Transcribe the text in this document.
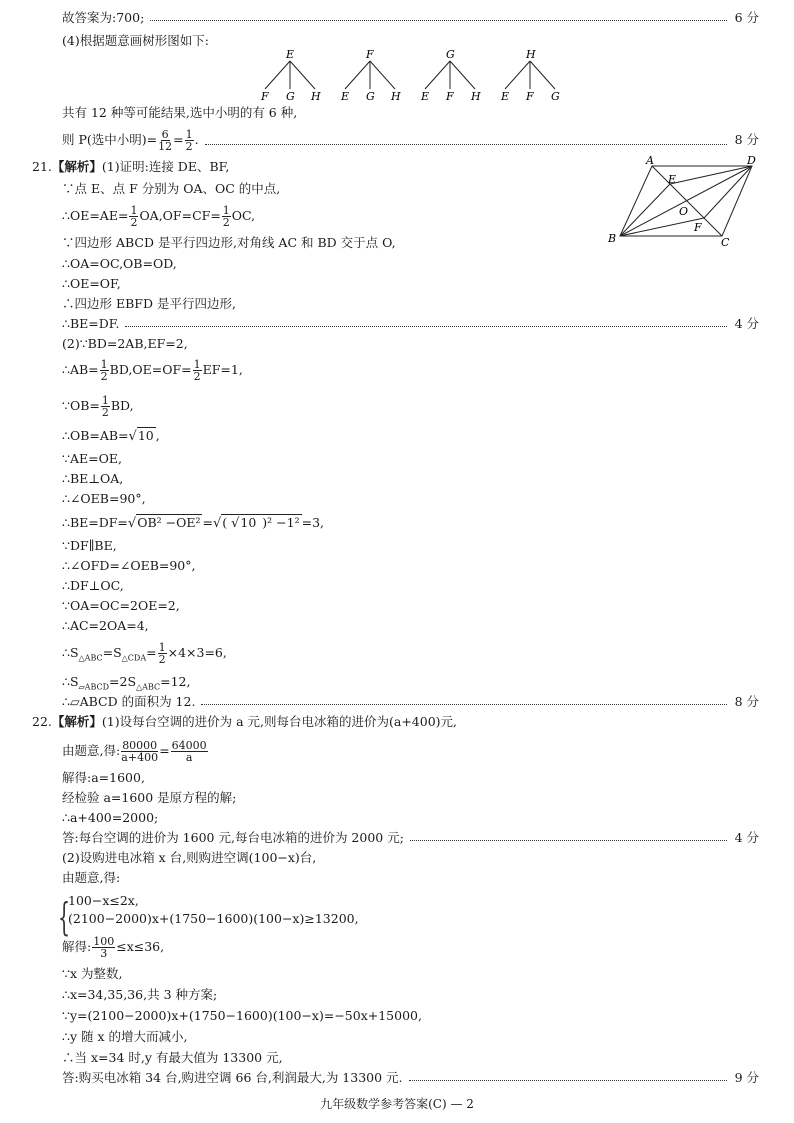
故答案为:700;	6 分
(4)根据题意画树形图如下:
E
F G H
F
E G H
G
E F H
H
E F G
共有 12 种等可能结果,选中小明的有 6 种,
则 P(选中小明)= $\frac{6}{12} = \frac{1}{2}$ .	8 分
21.【解析】(1)证明:连接 DE、BF,
∵点 E、点 F 分别为 OA、OC 的中点,
∴OE=AE= $\frac{1}{2} OA,OF=CF= \frac{1}{2}$ OC,
∵四边形 ABCD 是平行四边形,对角线 AC 和 BD 交于点 O,
∴OA=OC,OB=OD,
∴OE=OF,
∴四边形 EBFD 是平行四边形,
∴BE=DF.	4 分
(2)∵BD=2AB,EF=2,
∴AB= $\frac{1}{2} BD,OE=OF= \frac{1}{2} EF=1$,
∵OB= $\frac{1}{2}$ BD,
∴OB=AB=√10 ,
∵AE=OE,
∴BE⊥OA,
∴∠OEB=90°,
∴BE=DF=√OB² −OE² =√( √10 )² −1² =3,
∵DF∥BE,
∴∠OFD=∠OEB=90°,
∴DF⊥OC,
∵OA=OC=2OE=2,
∴AC=2OA=4,
$\therefore S_{\triangle ABC}=S_{\triangle CDA}= \frac{1}{2} \times 4\times 3=6$,
$\therefore S_{▱ABCD}=2S_{\triangle ABC}=12$,
∴▱ABCD 的面积为 12.	8 分
A	D
B	C
E
F
O
22.【解析】(1)设每台空调的进价为 a 元,则每台电冰箱的进价为(a+400)元,
由题意,得: $\frac{80000}{a+400} = \frac{64000}{a}$
解得:a=1600,
经检验 a=1600 是原方程的解;
∴a+400=2000;
答:每台空调的进价为 1600 元,每台电冰箱的进价为 2000 元;	4 分
(2)设购进电冰箱 x 台,则购进空调(100−x)台,
由题意,得:
{
100−x≤2x,
(2100−2000)x+(1750−1600)(100−x)≥13200,
解得: $\frac{100}{3} \le x\le 36$,
∵x 为整数,
∴x=34,35,36,共 3 种方案;
∵y=(2100−2000)x+(1750−1600)(100−x)=−50x+15000,
∴y 随 x 的增大而减小,
∴当 x=34 时,y 有最大值为 13300 元,
答:购买电冰箱 34 台,购进空调 66 台,利润最大,为 13300 元.	9 分
九年级数学参考答案(C) — 2
